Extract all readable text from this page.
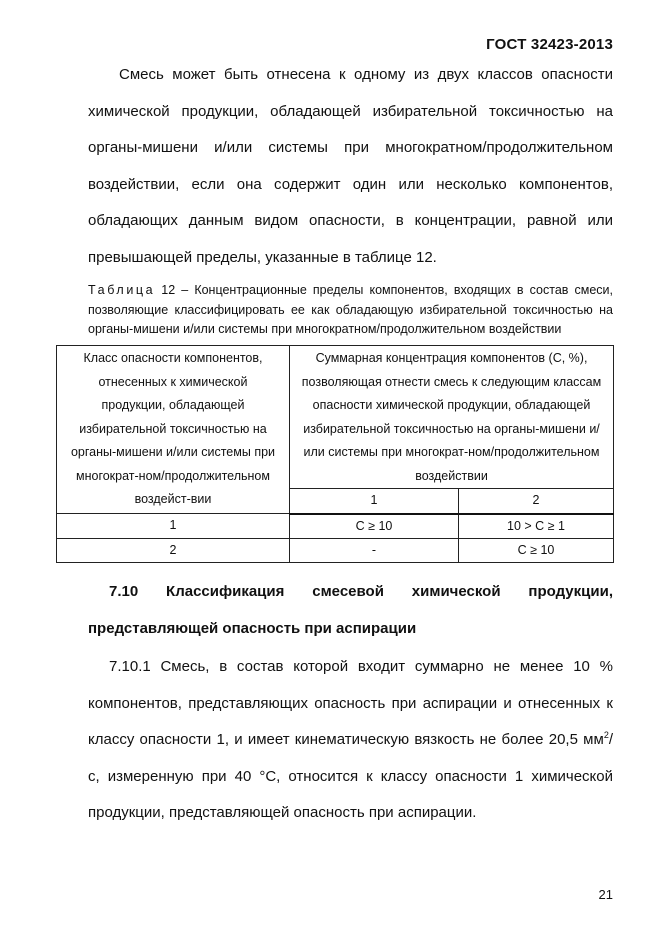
ГОСТ 32423-2013
Смесь может быть отнесена к одному из двух классов опасности химической продукции, обладающей избирательной токсичностью на органы-мишени и/или системы при многократном/продолжительном воздействии, если она содержит один или несколько компонентов, обладающих данным видом опасности, в концентрации, равной или превышающей пределы, указанные в таблице 12.
Таблица 12 – Концентрационные пределы компонентов, входящих в состав смеси, позволяющие классифицировать ее как обладающую избирательной токсичностью на органы-мишени и/или системы при многократном/продолжительном воздействии
Класс опасности компонентов, отнесенных к химической продукции, обладающей избирательной токсичностью на органы-мишени и/или системы при многократ-ном/продолжительном воздейст-вии	Суммарная концентрация компонентов (C, %), позволяющая отнести смесь к следующим классам опасности химической продукции, обладающей избирательной токсичностью на органы-мишени и/или системы при многократ-ном/продолжительном воздействии	
	1	2
1	C ≥ 10	10 > C ≥ 1
2	-	C ≥ 10
7.10 Классификация смесевой химической продукции, представляющей опасность при аспирации
7.10.1 Смесь, в состав которой входит суммарно не менее 10 % компонентов, представляющих опасность при аспирации и отнесенных к классу опасности 1, и имеет кинематическую вязкость не более 20,5 $мм^2/с$, измеренную при 40 °С, относится к классу опасности 1 химической продукции, представляющей опасность при аспирации.
21
